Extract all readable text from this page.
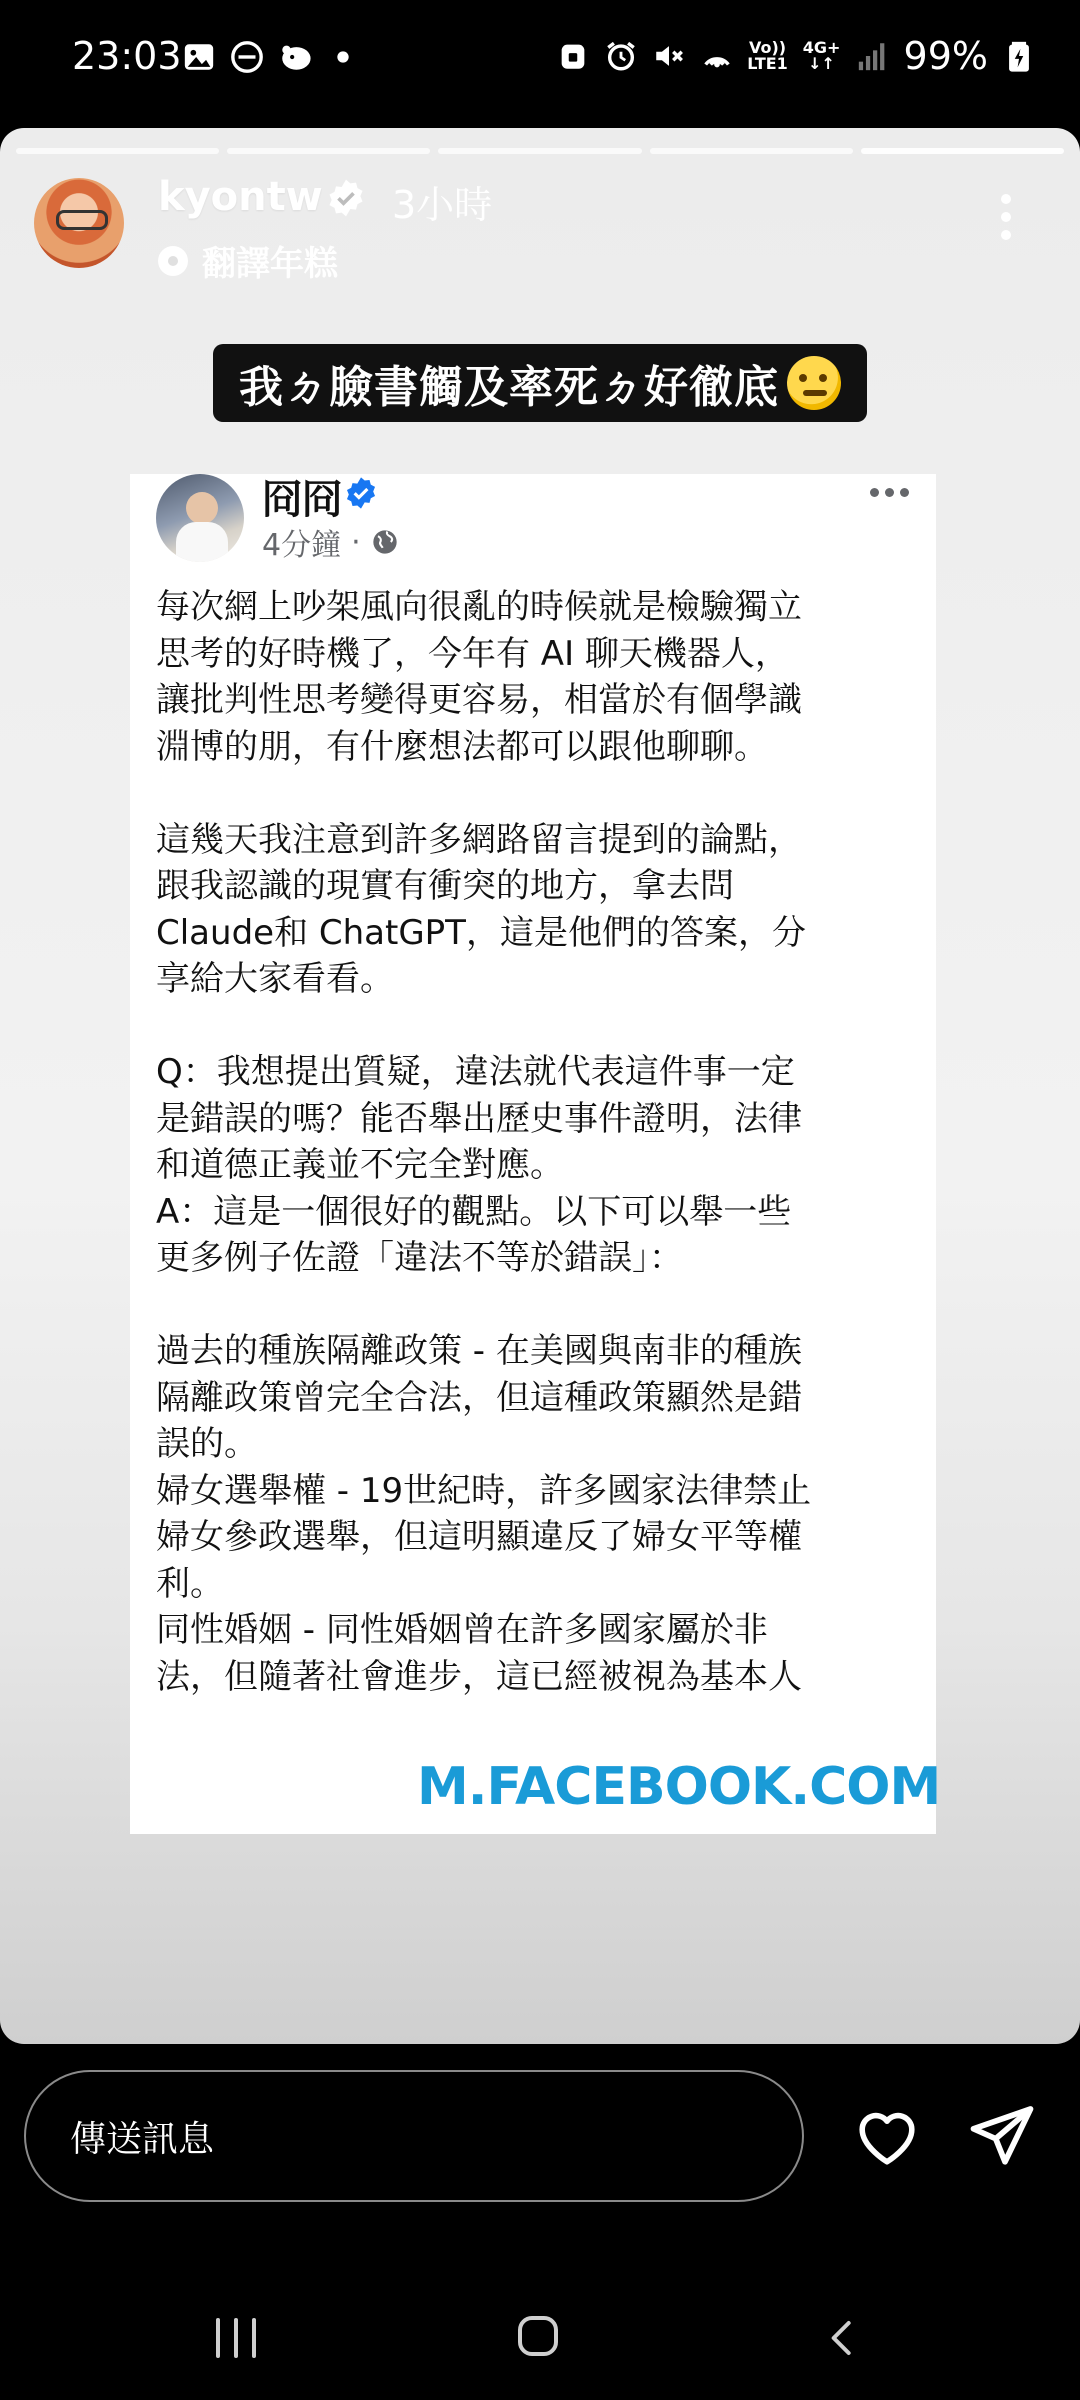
23:03	Vo))
LTE1
4G+
↓↑ 99%
kyontw 3小時
翻譯年糕
我ㄉ臉書觸及率死ㄉ好徹底
冏冏
4分鐘 ·

每次網上吵架風向很亂的時候就是檢驗獨立
思考的好時機了，今年有 AI 聊天機器人，
讓批判性思考變得更容易，相當於有個學識
淵博的朋，有什麼想法都可以跟他聊聊。

這幾天我注意到許多網路留言提到的論點，
跟我認識的現實有衝突的地方，拿去問
Claude和 ChatGPT，這是他們的答案，分
享給大家看看。

Q：我想提出質疑，違法就代表這件事一定
是錯誤的嗎？能否舉出歷史事件證明，法律
和道德正義並不完全對應。
A：這是一個很好的觀點。以下可以舉一些
更多例子佐證「違法不等於錯誤」：

過去的種族隔離政策 - 在美國與南非的種族
隔離政策曾完全合法，但這種政策顯然是錯
誤的。
婦女選舉權 - 19世紀時，許多國家法律禁止
婦女參政選舉，但這明顯違反了婦女平等權
利。
同性婚姻 - 同性婚姻曾在許多國家屬於非
法，但隨著社會進步，這已經被視為基本人

M.FACEBOOK.COM
傳送訊息
